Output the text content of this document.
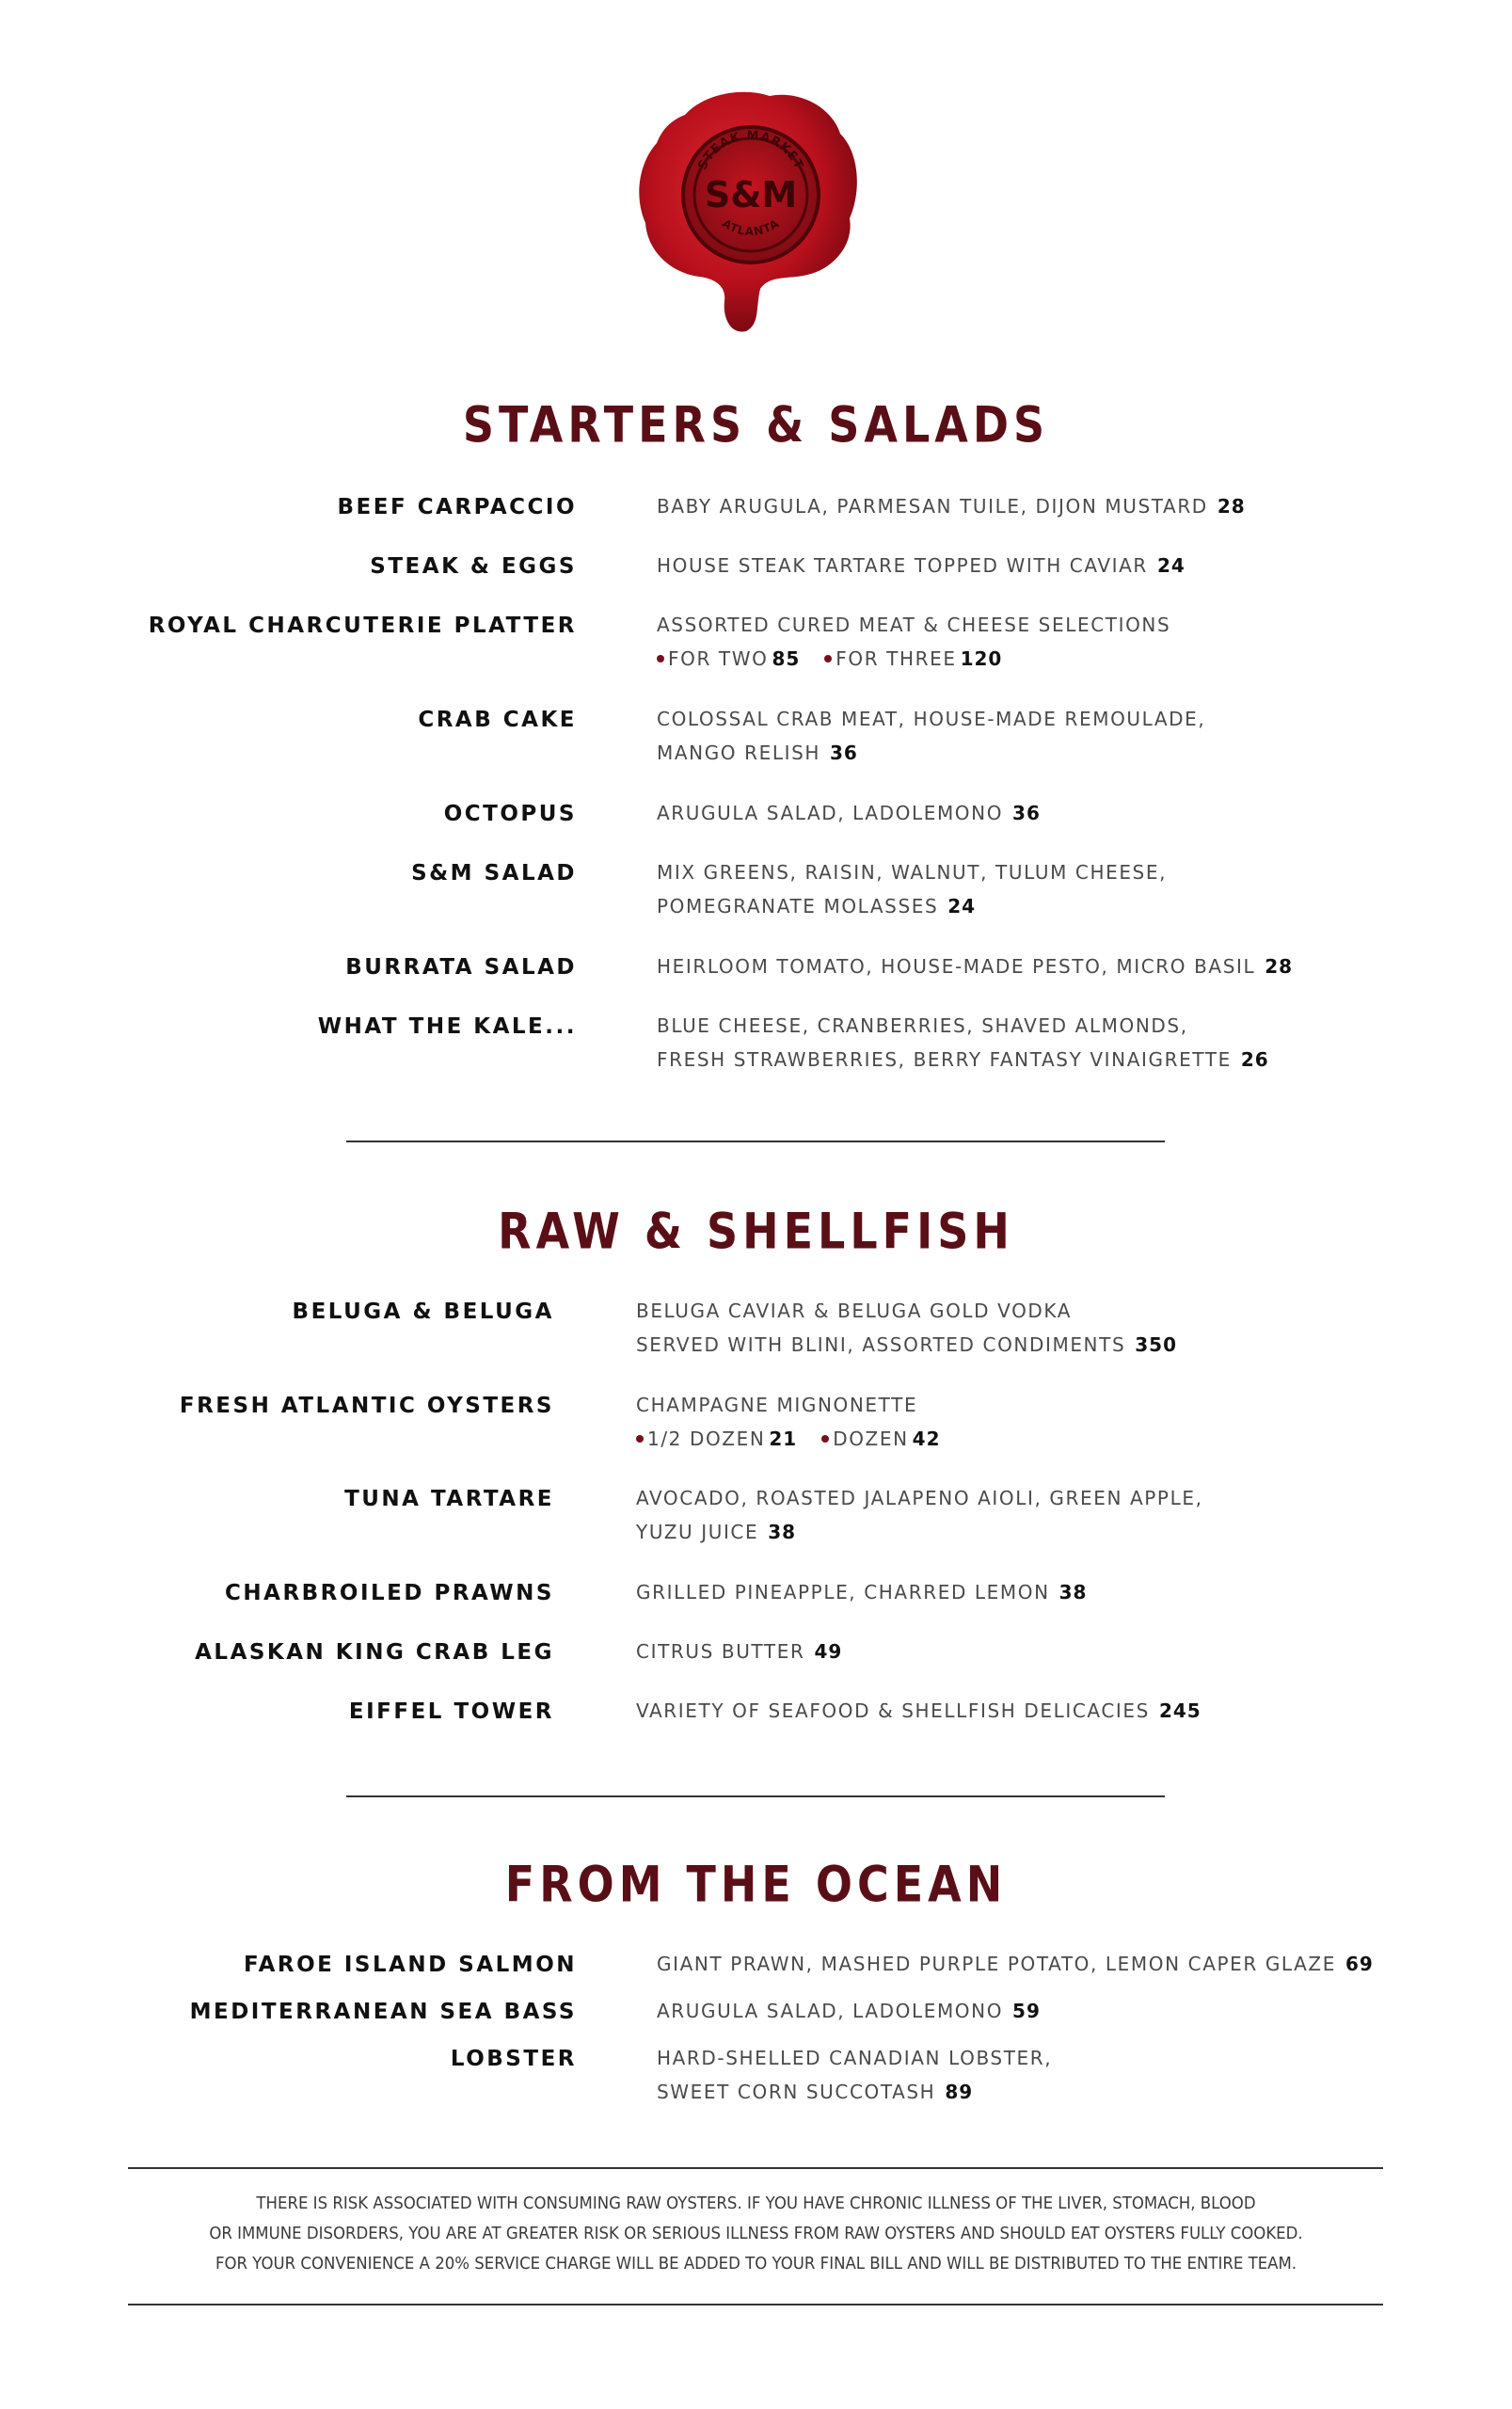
STEAK MARKET
S&M
ATLANTA
STARTERS & SALADS
BEEF CARPACCIO	BABY ARUGULA, PARMESAN TUILE, DIJON MUSTARD 28
STEAK & EGGS	HOUSE STEAK TARTARE TOPPED WITH CAVIAR 24
ROYAL CHARCUTERIE PLATTER	ASSORTED CURED MEAT & CHEESE SELECTIONS
FOR TWO 85 FOR THREE 120
CRAB CAKE	COLOSSAL CRAB MEAT, HOUSE-MADE REMOULADE,
MANGO RELISH 36
OCTOPUS	ARUGULA SALAD, LADOLEMONO 36
S&M SALAD	MIX GREENS, RAISIN, WALNUT, TULUM CHEESE,
POMEGRANATE MOLASSES 24
BURRATA SALAD	HEIRLOOM TOMATO, HOUSE-MADE PESTO, MICRO BASIL 28
WHAT THE KALE...	BLUE CHEESE, CRANBERRIES, SHAVED ALMONDS,
FRESH STRAWBERRIES, BERRY FANTASY VINAIGRETTE 26
RAW & SHELLFISH
BELUGA & BELUGA	BELUGA CAVIAR & BELUGA GOLD VODKA
SERVED WITH BLINI, ASSORTED CONDIMENTS 350
FRESH ATLANTIC OYSTERS	CHAMPAGNE MIGNONETTE
1/2 DOZEN 21 DOZEN 42
TUNA TARTARE	AVOCADO, ROASTED JALAPENO AIOLI, GREEN APPLE,
YUZU JUICE 38
CHARBROILED PRAWNS	GRILLED PINEAPPLE, CHARRED LEMON 38
ALASKAN KING CRAB LEG	CITRUS BUTTER 49
EIFFEL TOWER	VARIETY OF SEAFOOD & SHELLFISH DELICACIES 245
FROM THE OCEAN
FAROE ISLAND SALMON	GIANT PRAWN, MASHED PURPLE POTATO, LEMON CAPER GLAZE 69
MEDITERRANEAN SEA BASS	ARUGULA SALAD, LADOLEMONO 59
LOBSTER	HARD-SHELLED CANADIAN LOBSTER,
SWEET CORN SUCCOTASH 89
THERE IS RISK ASSOCIATED WITH CONSUMING RAW OYSTERS. IF YOU HAVE CHRONIC ILLNESS OF THE LIVER, STOMACH, BLOOD
OR IMMUNE DISORDERS, YOU ARE AT GREATER RISK OR SERIOUS ILLNESS FROM RAW OYSTERS AND SHOULD EAT OYSTERS FULLY COOKED.
FOR YOUR CONVENIENCE A 20% SERVICE CHARGE WILL BE ADDED TO YOUR FINAL BILL AND WILL BE DISTRIBUTED TO THE ENTIRE TEAM.
